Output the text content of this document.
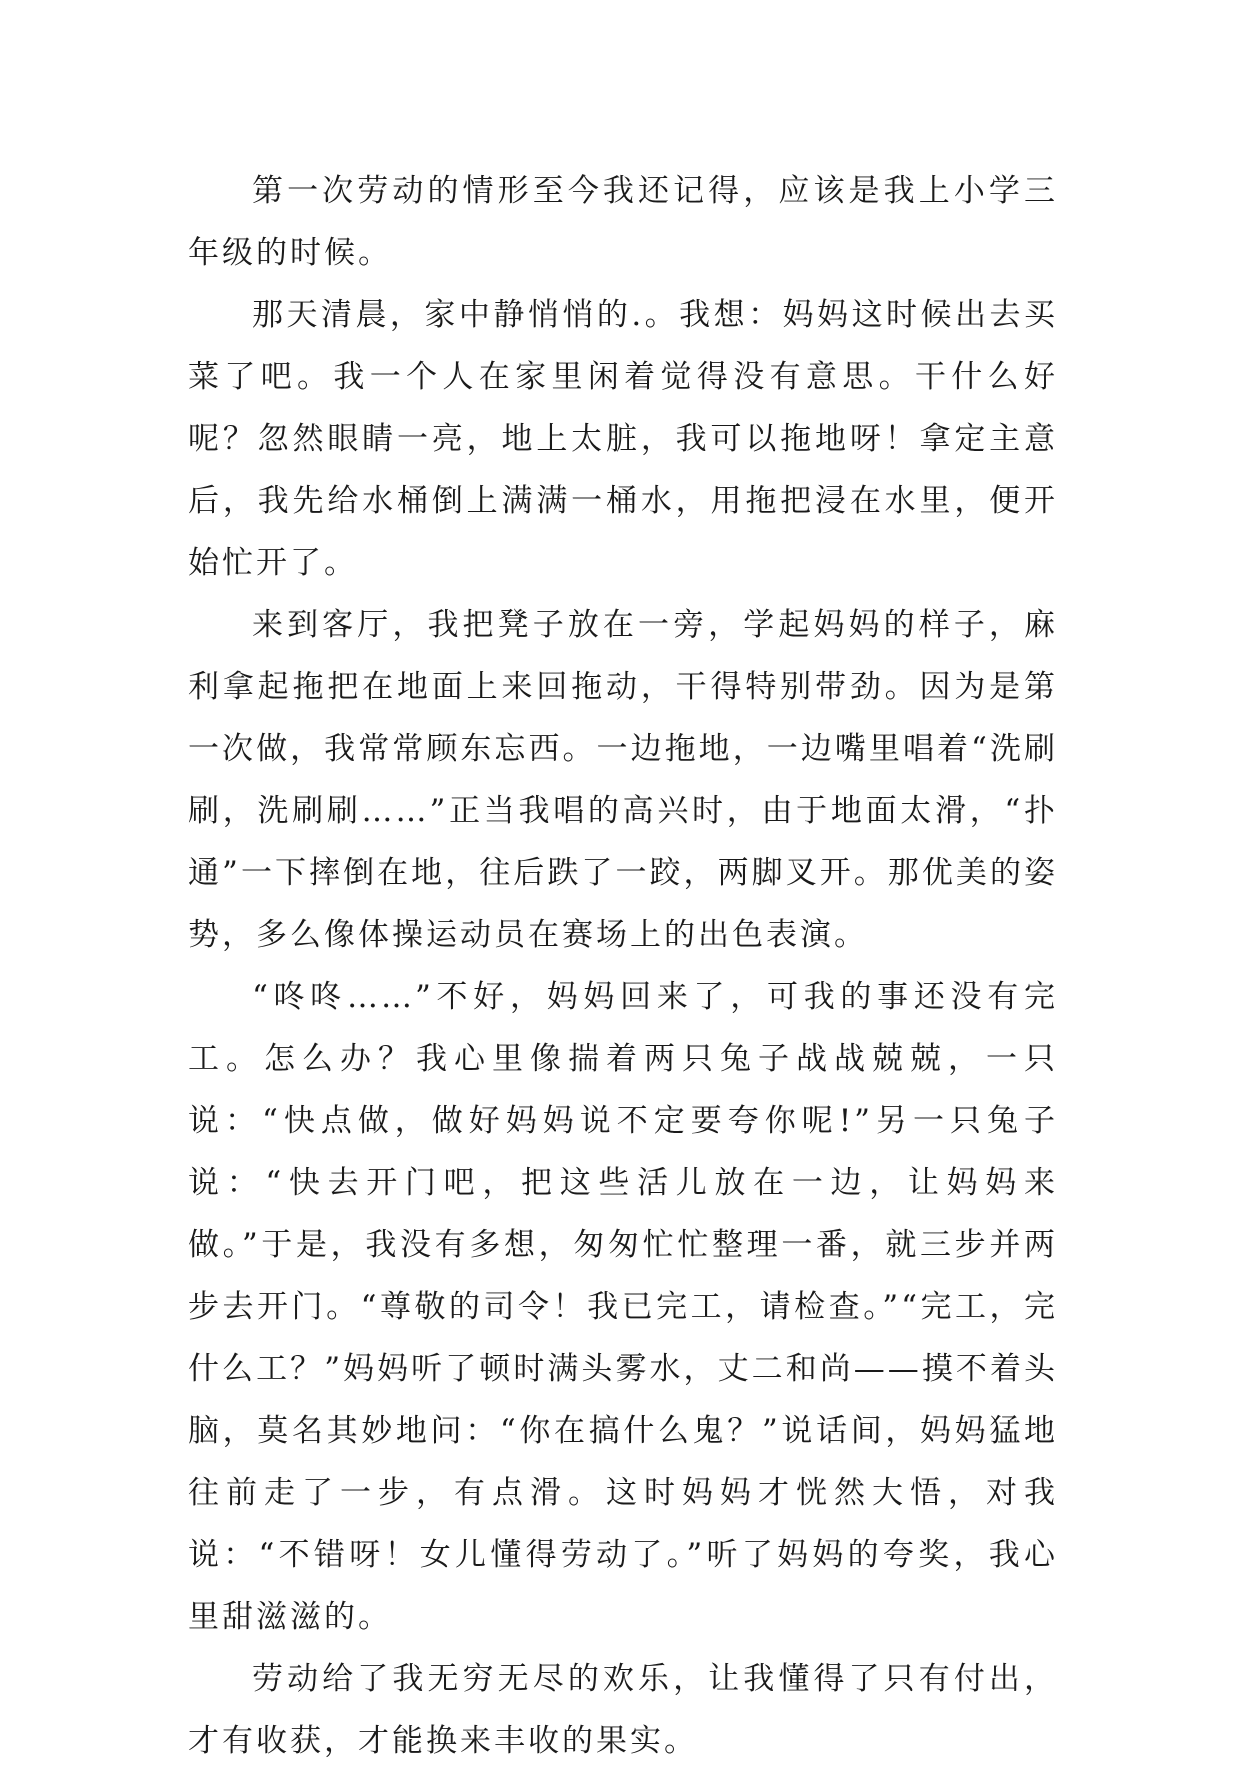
第一次劳动的情形至今我还记得，应该是我上小学三年级的时候。

那天清晨，家中静悄悄的.。我想：妈妈这时候出去买菜了吧。我一个人在家里闲着觉得没有意思。干什么好呢？忽然眼睛一亮，地上太脏，我可以拖地呀！拿定主意后，我先给水桶倒上满满一桶水，用拖把浸在水里，便开始忙开了。

来到客厅，我把凳子放在一旁，学起妈妈的样子，麻利拿起拖把在地面上来回拖动，干得特别带劲。因为是第一次做，我常常顾东忘西。一边拖地，一边嘴里唱着“洗刷刷，洗刷刷……”正当我唱的高兴时，由于地面太滑，“扑通”一下摔倒在地，往后跌了一跤，两脚叉开。那优美的姿势，多么像体操运动员在赛场上的出色表演。

“咚咚……”不好，妈妈回来了，可我的事还没有完工。怎么办？我心里像揣着两只兔子战战兢兢，一只说：“快点做，做好妈妈说不定要夸你呢!”另一只兔子说：“快去开门吧，把这些活儿放在一边，让妈妈来做。”于是，我没有多想，匆匆忙忙整理一番，就三步并两步去开门。“尊敬的司令！我已完工，请检查。”“完工，完什么工？”妈妈听了顿时满头雾水，丈二和尚——摸不着头脑，莫名其妙地问：“你在搞什么鬼？”说话间，妈妈猛地往前走了一步，有点滑。这时妈妈才恍然大悟，对我说：“不错呀！女儿懂得劳动了。”听了妈妈的夸奖，我心里甜滋滋的。

劳动给了我无穷无尽的欢乐，让我懂得了只有付出，才有收获，才能换来丰收的果实。
